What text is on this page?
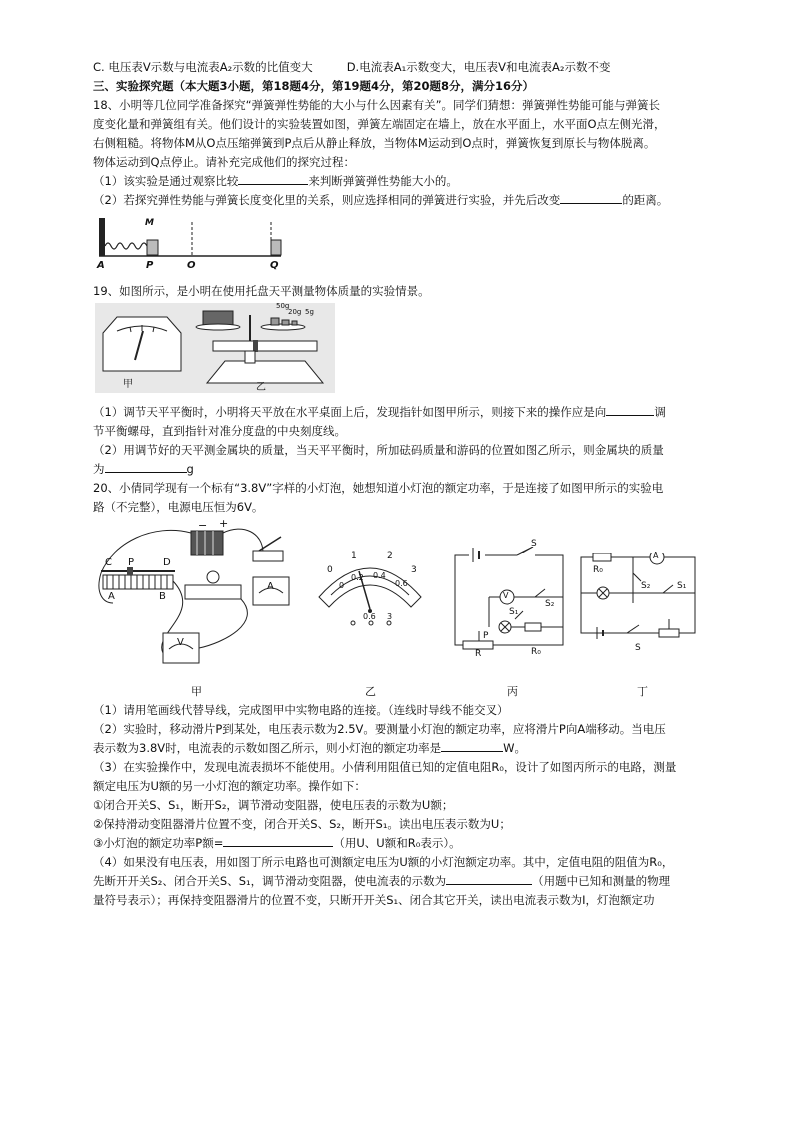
C. 电压表V示数与电流表A₂示数的比值变大	D.电流表A₁示数变大，电压表V和电流表A₂示数不变
三、实验探究题（本大题3小题，第18题4分，第19题4分，第20题8分，满分16分）
18、小明等几位同学准备探究“弹簧弹性势能的大小与什么因素有关”。同学们猜想：弹簧弹性势能可能与弹簧长
度变化量和弹簧组有关。他们设计的实验装置如图，弹簧左端固定在墙上，放在水平面上，水平面O点左侧光滑，
右侧粗糙。将物体M从O点压缩弹簧到P点后从静止释放，当物体M运动到O点时，弹簧恢复到原长与物体脱离。
物体运动到Q点停止。请补充完成他们的探究过程：
（1）该实验是通过观察比较	来判断弹簧弹性势能大小的。
（2）若探究弹性势能与弹簧长度变化里的关系，则应选择相同的弹簧进行实验，并先后改变	的距离。
M
A	P	O	Q
19、如图所示，是小明在使用托盘天平测量物体质量的实验情景。
50g
20g 5g
甲	乙
（1）调节天平平衡时，小明将天平放在水平桌面上后，发现指针如图甲所示，则接下来的操作应是向	调
节平衡螺母，直到指针对准分度盘的中央刻度线。
（2）用调节好的天平测金属块的质量，当天平平衡时，所加砝码质量和游码的位置如图乙所示，则金属块的质量
为	g
20、小倩同学现有一个标有“3.8V”字样的小灯泡，她想知道小灯泡的额定功率，于是连接了如图甲所示的实验电
路（不完整），电源电压恒为6V。
− +
C P	D
A	B
A
V
甲
0
1	2
3
0
0.2 0.4
0.6
0.6 3
乙
S
V
S₂
S₁
P
R	R₀
丙
R₀
A
S₂	S₁
S
丁
（1）请用笔画线代替导线，完成图甲中实物电路的连接。（连线时导线不能交叉）
（2）实验时，移动滑片P到某处，电压表示数为2.5V。要测量小灯泡的额定功率，应将滑片P向A端移动。当电压
表示数为3.8V时，电流表的示数如图乙所示，则小灯泡的额定功率是	W。
（3）在实验操作中，发现电流表损坏不能使用。小倩利用阻值已知的定值电阻R₀，设计了如图丙所示的电路，测量
额定电压为U额的另一小灯泡的额定功率。操作如下：
①闭合开关S、S₁，断开S₂，调节滑动变阻器，使电压表的示数为U额；
②保持滑动变阻器滑片位置不变，闭合开关S、S₂，断开S₁。读出电压表示数为U；
③小灯泡的额定功率P额=	（用U、U额和R₀表示）。
（4）如果没有电压表，用如图丁所示电路也可测额定电压为U额的小灯泡额定功率。其中，定值电阻的阻值为R₀，
先断开开关S₂、闭合开关S、S₁，调节滑动变阻器，使电流表的示数为	（用题中已知和测量的物理
量符号表示）；再保持变阻器滑片的位置不变，只断开开关S₁、闭合其它开关，读出电流表示数为I，灯泡额定功
